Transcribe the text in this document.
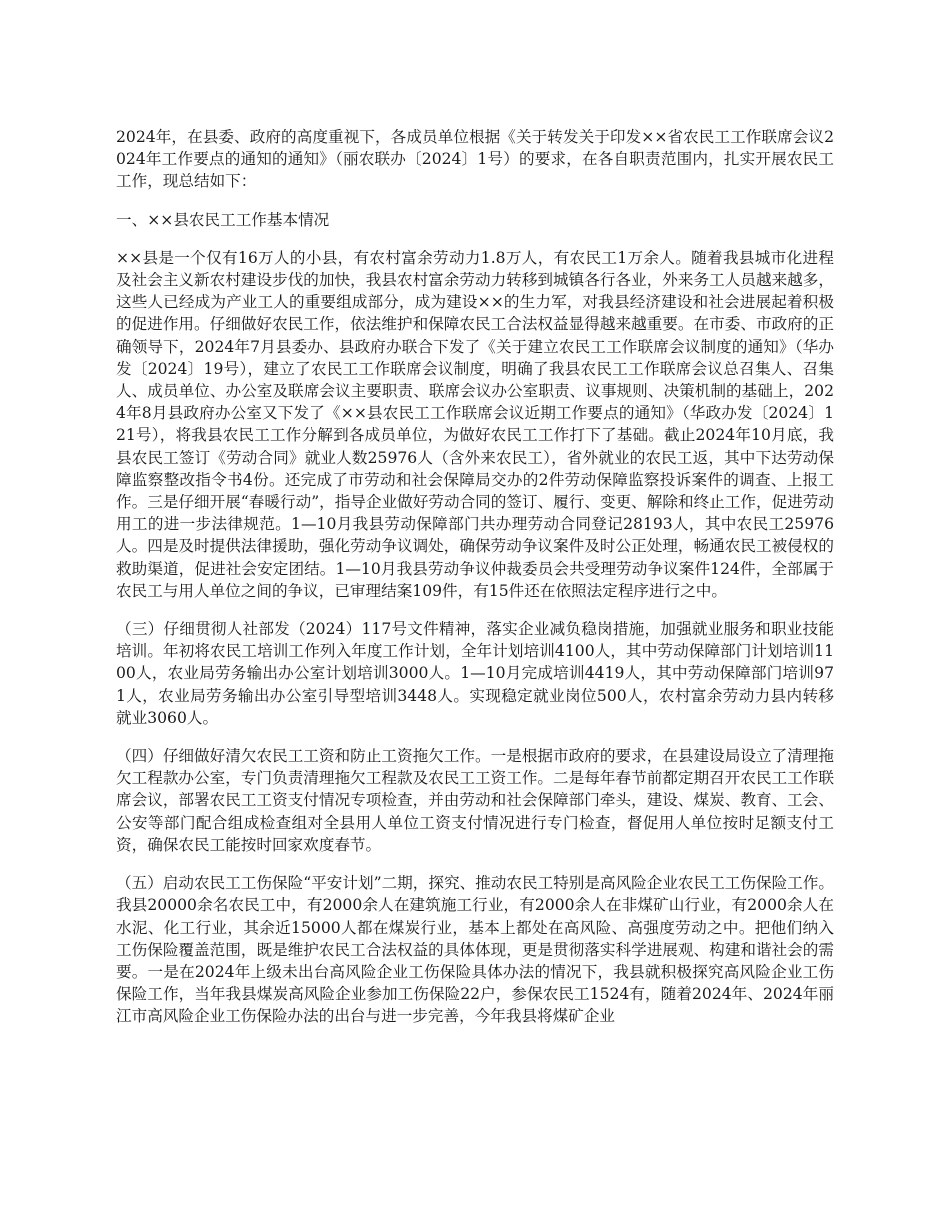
2024年，在县委、政府的高度重视下，各成员单位根据《关于转发关于印发××省农民工工作联席会议2024年工作要点的通知的通知》（丽农联办〔2024〕1号）的要求，在各自职责范围内，扎实开展农民工工作，现总结如下：

一、××县农民工工作基本情况

××县是一个仅有16万人的小县，有农村富余劳动力1.8万人，有农民工1万余人。随着我县城市化进程及社会主义新农村建设步伐的加快，我县农村富余劳动力转移到城镇各行各业，外来务工人员越来越多，这些人已经成为产业工人的重要组成部分，成为建设××的生力军，对我县经济建设和社会进展起着积极的促进作用。仔细做好农民工作，依法维护和保障农民工合法权益显得越来越重要。在市委、市政府的正确领导下，2024年7月县委办、县政府办联合下发了《关于建立农民工工作联席会议制度的通知》（华办发〔2024〕19号），建立了农民工工作联席会议制度，明确了我县农民工工作联席会议总召集人、召集人、成员单位、办公室及联席会议主要职责、联席会议办公室职责、议事规则、决策机制的基础上，2024年8月县政府办公室又下发了《××县农民工工作联席会议近期工作要点的通知》（华政办发〔2024〕121号），将我县农民工工作分解到各成员单位，为做好农民工工作打下了基础。截止2024年10月底，我县农民工签订《劳动合同》就业人数25976人（含外来农民工），省外就业的农民工返，其中下达劳动保障监察整改指令书4份。还完成了市劳动和社会保障局交办的2件劳动保障监察投诉案件的调查、上报工作。三是仔细开展“春暖行动”，指导企业做好劳动合同的签订、履行、变更、解除和终止工作，促进劳动用工的进一步法律规范。1—10月我县劳动保障部门共办理劳动合同登记28193人，其中农民工25976人。四是及时提供法律援助，强化劳动争议调处，确保劳动争议案件及时公正处理，畅通农民工被侵权的救助渠道，促进社会安定团结。1—10月我县劳动争议仲裁委员会共受理劳动争议案件124件，全部属于农民工与用人单位之间的争议，已审理结案109件，有15件还在依照法定程序进行之中。

（三）仔细贯彻人社部发（2024）117号文件精神，落实企业减负稳岗措施，加强就业服务和职业技能培训。年初将农民工培训工作列入年度工作计划，全年计划培训4100人，其中劳动保障部门计划培训1100人，农业局劳务输出办公室计划培训3000人。1—10月完成培训4419人，其中劳动保障部门培训971人，农业局劳务输出办公室引导型培训3448人。实现稳定就业岗位500人，农村富余劳动力县内转移就业3060人。

（四）仔细做好清欠农民工工资和防止工资拖欠工作。一是根据市政府的要求，在县建设局设立了清理拖欠工程款办公室，专门负责清理拖欠工程款及农民工工资工作。二是每年春节前都定期召开农民工工作联席会议，部署农民工工资支付情况专项检查，并由劳动和社会保障部门牵头，建设、煤炭、教育、工会、公安等部门配合组成检查组对全县用人单位工资支付情况进行专门检查，督促用人单位按时足额支付工资，确保农民工能按时回家欢度春节。

（五）启动农民工工伤保险“平安计划”二期，探究、推动农民工特别是高风险企业农民工工伤保险工作。我县20000余名农民工中，有2000余人在建筑施工行业，有2000余人在非煤矿山行业，有2000余人在水泥、化工行业，其余近15000人都在煤炭行业，基本上都处在高风险、高强度劳动之中。把他们纳入工伤保险覆盖范围，既是维护农民工合法权益的具体体现，更是贯彻落实科学进展观、构建和谐社会的需要。一是在2024年上级未出台高风险企业工伤保险具体办法的情况下，我县就积极探究高风险企业工伤保险工作，当年我县煤炭高风险企业参加工伤保险22户，参保农民工1524有，随着2024年、2024年丽江市高风险企业工伤保险办法的出台与进一步完善，今年我县将煤矿企业
